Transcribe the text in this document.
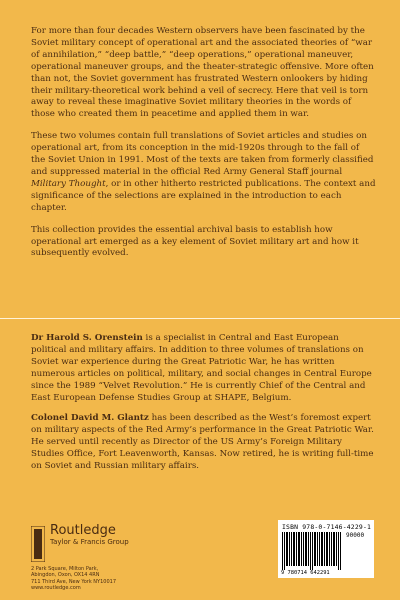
For more than four decades Western observers have been fascinated by the Soviet military concept of operational art and the associated theories of “war of annihilation,” “deep battle,” “deep operations,” operational maneuver, operational maneuver groups, and the theater-strategic offensive. More often than not, the Soviet government has frustrated Western onlookers by hiding their military-theoretical work behind a veil of secrecy. Here that veil is torn away to reveal these imaginative Soviet military theories in the words of those who created them in peacetime and applied them in war.

These two volumes contain full translations of Soviet articles and studies on operational art, from its conception in the mid-1920s through to the fall of the Soviet Union in 1991. Most of the texts are taken from formerly classified and suppressed material in the official Red Army General Staff journal Military Thought, or in other hitherto restricted publications. The context and significance of the selections are explained in the introduction to each chapter.

This collection provides the essential archival basis to establish how operational art emerged as a key element of Soviet military art and how it subsequently evolved.

Dr Harold S. Orenstein is a specialist in Central and East European political and military affairs. In addition to three volumes of translations on Soviet war experience during the Great Patriotic War, he has written numerous articles on political, military, and social changes in Central Europe since the 1989 “Velvet Revolution.” He is currently Chief of the Central and East European Defense Studies Group at SHAPE, Belgium.

Colonel David M. Glantz has been described as the West’s foremost expert on military aspects of the Red Army’s performance in the Great Patriotic War. He served until recently as Director of the US Army’s Foreign Military Studies Office, Fort Leavenworth, Kansas. Now retired, he is writing full-time on Soviet and Russian military affairs.

Routledge
Taylor & Francis Group
2 Park Square, Milton Park,
Abingdon, Oxon, OX14 4RN
711 Third Ave, New York NY10017
www.routledge.com
ISBN 978-0-7146-4229-1
90000
9 780714 642291
